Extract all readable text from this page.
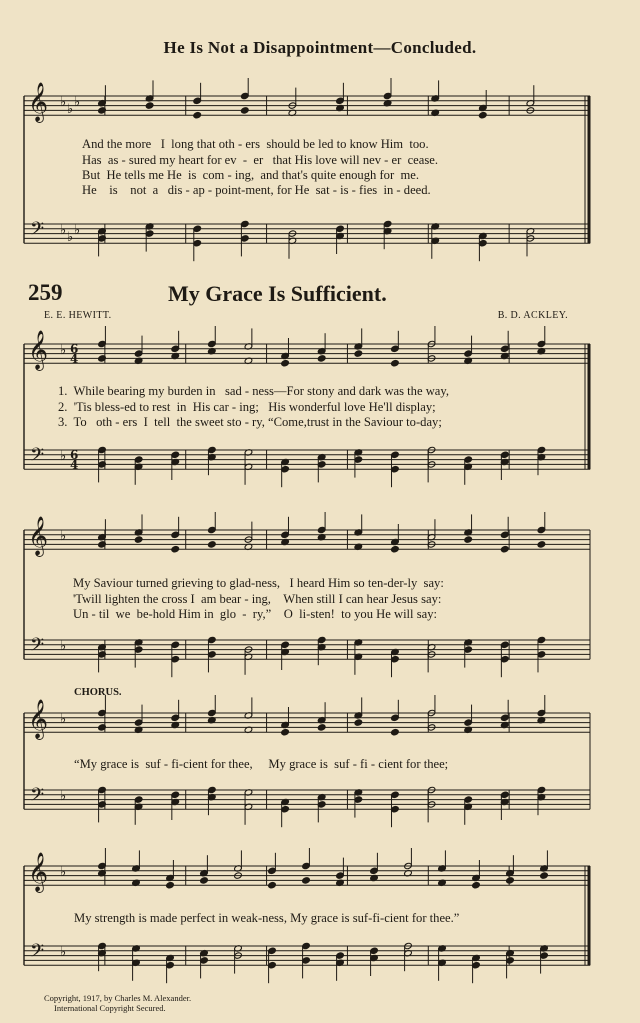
𝄞
𝄢
♭ ♭ ♭
♭ ♭ ♭
𝄞
𝄢
♭
♭
6
4
6
4
𝄞
𝄢
♭
♭
𝄞
𝄢
♭
♭
𝄞
𝄢
♭
♭
He Is Not a Disappointment—Concluded.
And the more   I  long that oth - ers  should be led to know Him  too.
Has  as - sured my heart for ev  -  er   that His love will nev - er  cease.
But  He tells me He  is  com - ing,  and that's quite enough for  me.
He    is    not  a   dis - ap - point-ment, for He  sat - is - fies  in - deed.
259	My Grace Is Sufficient.
E. E. HEWITT.	B. D. ACKLEY.
1.  While bearing my burden in   sad - ness—For stony and dark was the way,
2.  'Tis bless-ed to rest  in  His car - ing;   His wonderful love He'll display;
3.  To   oth - ers  I  tell  the sweet sto - ry, “Come,trust in the Saviour to-day;
My Saviour turned grieving to glad-ness,   I heard Him so ten-der-ly  say:
'Twill lighten the cross I  am bear - ing,    When still I can hear Jesus say:
Un - til  we  be-hold Him in  glo  -  ry,”    O  li-sten!  to you He will say:
CHORUS.
“My grace is  suf - fi-cient for thee,     My grace is  suf - fi - cient for thee;
My strength is made perfect in weak-ness, My grace is suf-fi-cient for thee.”
Copyright, 1917, by Charles M. Alexander.
International Copyright Secured.
